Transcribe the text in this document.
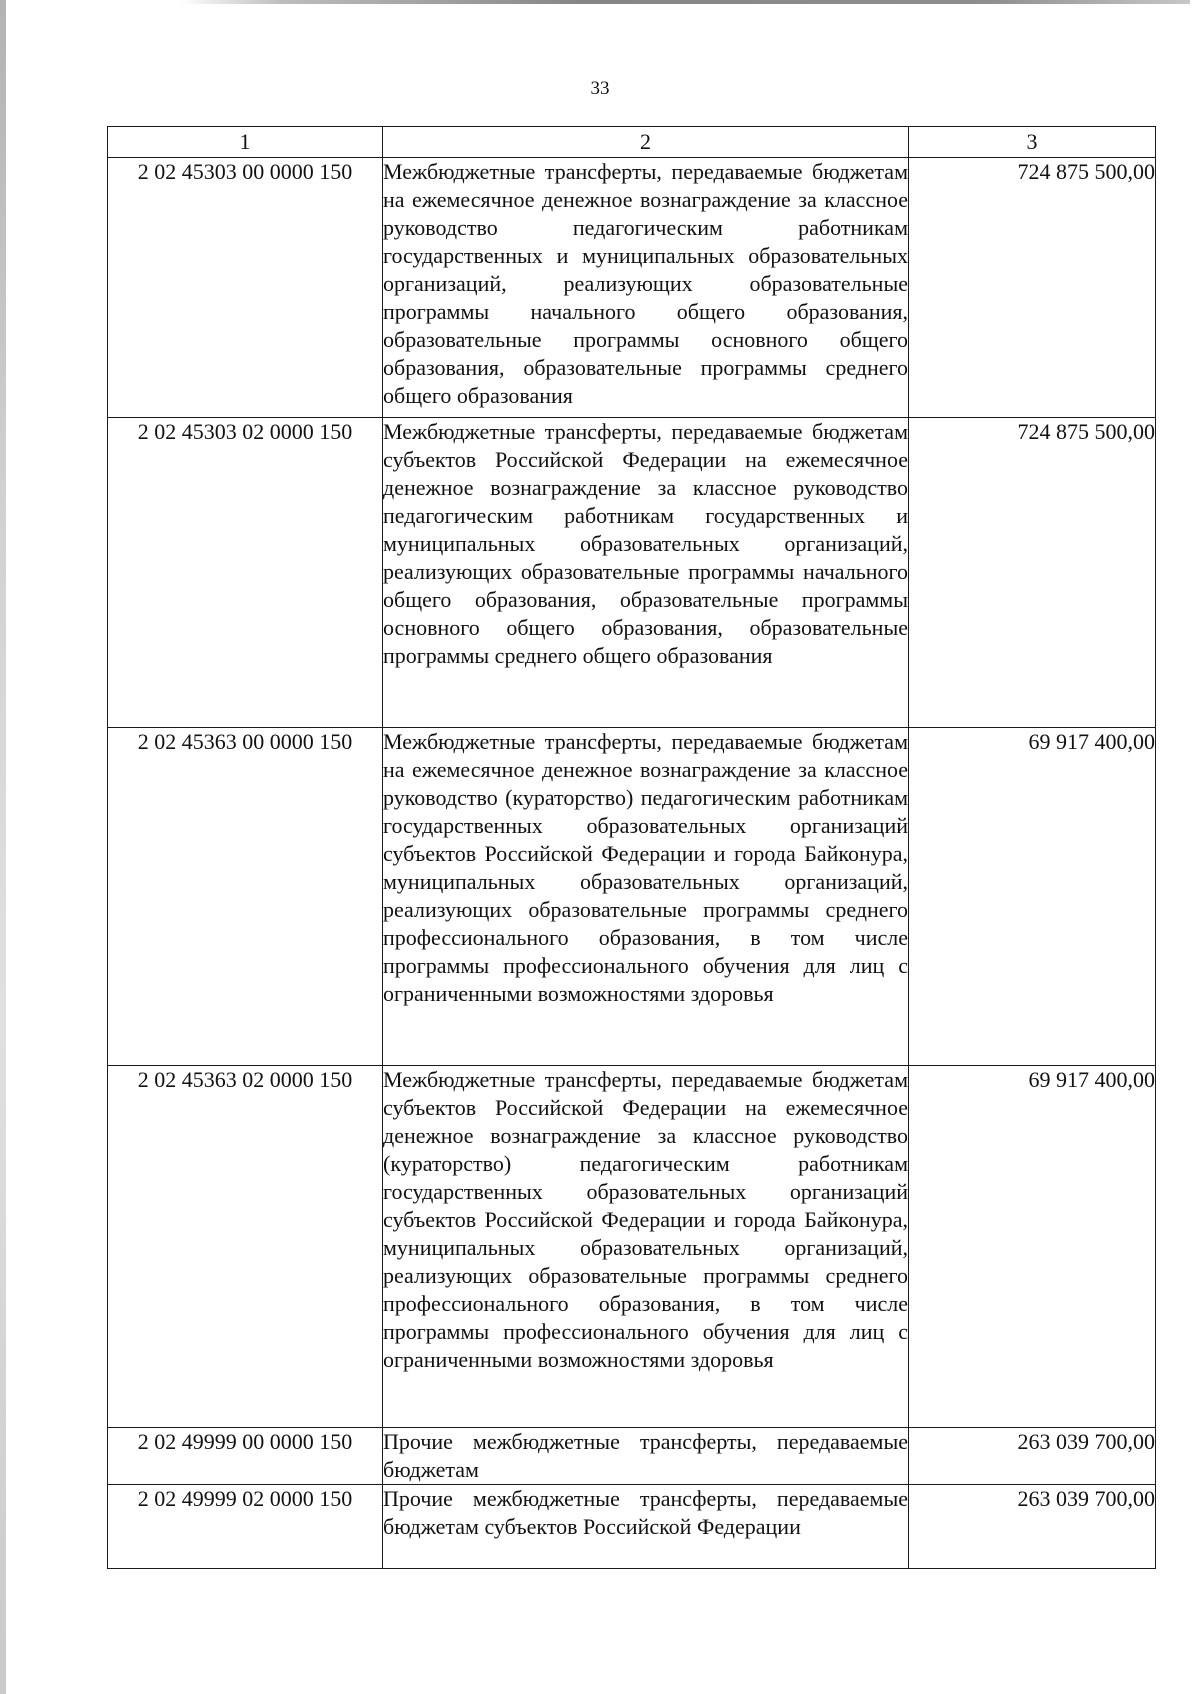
33
1	2	3
2 02 45303 00 0000 150	Межбюджетные трансферты, передаваемые бюджетам на ежемесячное денежное вознаграждение за классное руководство педагогическим работникам государственных и муниципальных образовательных организаций, реализующих образовательные программы начального общего образования, образовательные программы основного общего образования, образовательные программы среднего общего образования	724 875 500,00
2 02 45303 02 0000 150	Межбюджетные трансферты, передаваемые бюджетам субъектов Российской Федерации на ежемесячное денежное вознаграждение за классное руководство педагогическим работникам государственных и муниципальных образовательных организаций, реализующих образовательные программы начального общего образования, образовательные программы основного общего образования, образовательные программы среднего общего образования	724 875 500,00
2 02 45363 00 0000 150	Межбюджетные трансферты, передаваемые бюджетам на ежемесячное денежное вознаграждение за классное руководство (кураторство) педагогическим работникам государственных образовательных организаций субъектов Российской Федерации и города Байконура, муниципальных образовательных организаций, реализующих образовательные программы среднего профессионального образования, в том числе программы профессионального обучения для лиц с ограниченными возможностями здоровья	69 917 400,00
2 02 45363 02 0000 150	Межбюджетные трансферты, передаваемые бюджетам субъектов Российской Федерации на ежемесячное денежное вознаграждение за классное руководство (кураторство) педагогическим работникам государственных образовательных организаций субъектов Российской Федерации и города Байконура, муниципальных образовательных организаций, реализующих образовательные программы среднего профессионального образования, в том числе программы профессионального обучения для лиц с ограниченными возможностями здоровья	69 917 400,00
2 02 49999 00 0000 150	Прочие межбюджетные трансферты, передаваемые бюджетам	263 039 700,00
2 02 49999 02 0000 150	Прочие межбюджетные трансферты, передаваемые бюджетам субъектов Российской Федерации	263 039 700,00
